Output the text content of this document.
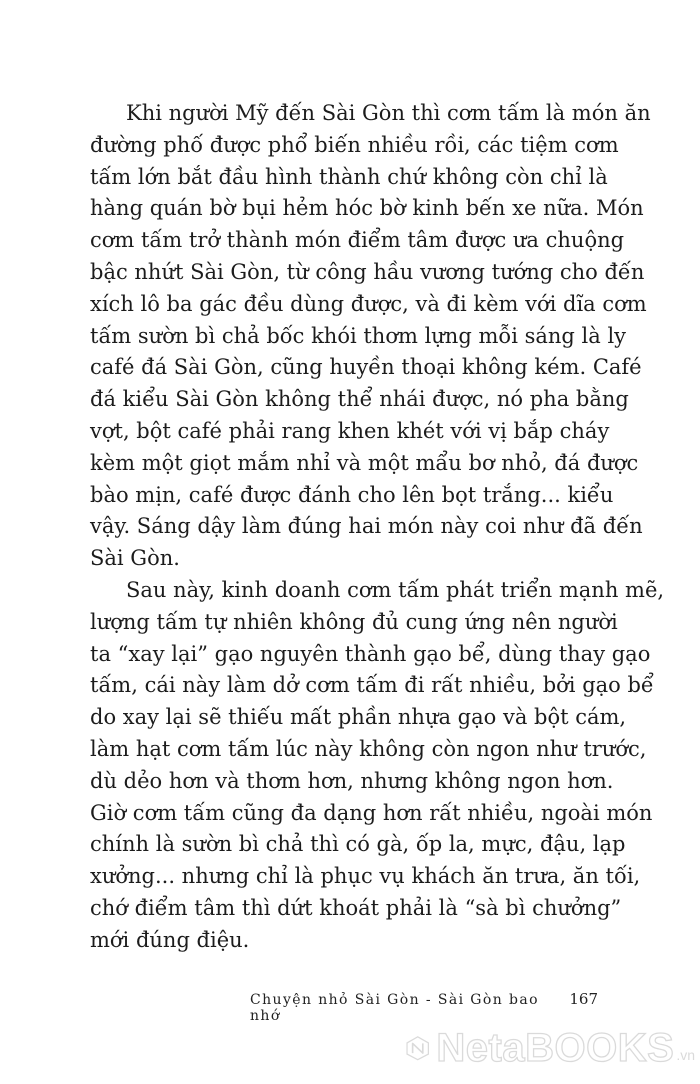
Khi người Mỹ đến Sài Gòn thì cơm tấm là món ăn
đường phố được phổ biến nhiều rồi, các tiệm cơm
tấm lớn bắt đầu hình thành chứ không còn chỉ là
hàng quán bờ bụi hẻm hóc bờ kinh bến xe nữa. Món
cơm tấm trở thành món điểm tâm được ưa chuộng
bậc nhứt Sài Gòn, từ công hầu vương tướng cho đến
xích lô ba gác đều dùng được, và đi kèm với dĩa cơm
tấm sườn bì chả bốc khói thơm lựng mỗi sáng là ly
café đá Sài Gòn, cũng huyền thoại không kém. Café
đá kiểu Sài Gòn không thể nhái được, nó pha bằng
vợt, bột café phải rang khen khét với vị bắp cháy
kèm một giọt mắm nhỉ và một mẩu bơ nhỏ, đá được
bào mịn, café được đánh cho lên bọt trắng... kiểu
vậy. Sáng dậy làm đúng hai món này coi như đã đến
Sài Gòn.
Sau này, kinh doanh cơm tấm phát triển mạnh mẽ,
lượng tấm tự nhiên không đủ cung ứng nên người
ta “xay lại” gạo nguyên thành gạo bể, dùng thay gạo
tấm, cái này làm dở cơm tấm đi rất nhiều, bởi gạo bể
do xay lại sẽ thiếu mất phần nhựa gạo và bột cám,
làm hạt cơm tấm lúc này không còn ngon như trước,
dù dẻo hơn và thơm hơn, nhưng không ngon hơn.
Giờ cơm tấm cũng đa dạng hơn rất nhiều, ngoài món
chính là sườn bì chả thì có gà, ốp la, mực, đậu, lạp
xưởng... nhưng chỉ là phục vụ khách ăn trưa, ăn tối,
chớ điểm tâm thì dứt khoát phải là “sà bì chưởng”
mới đúng điệu.
Chuyện nhỏ Sài Gòn - Sài Gòn bao nhớ
167
NetaBOOKS .vn
